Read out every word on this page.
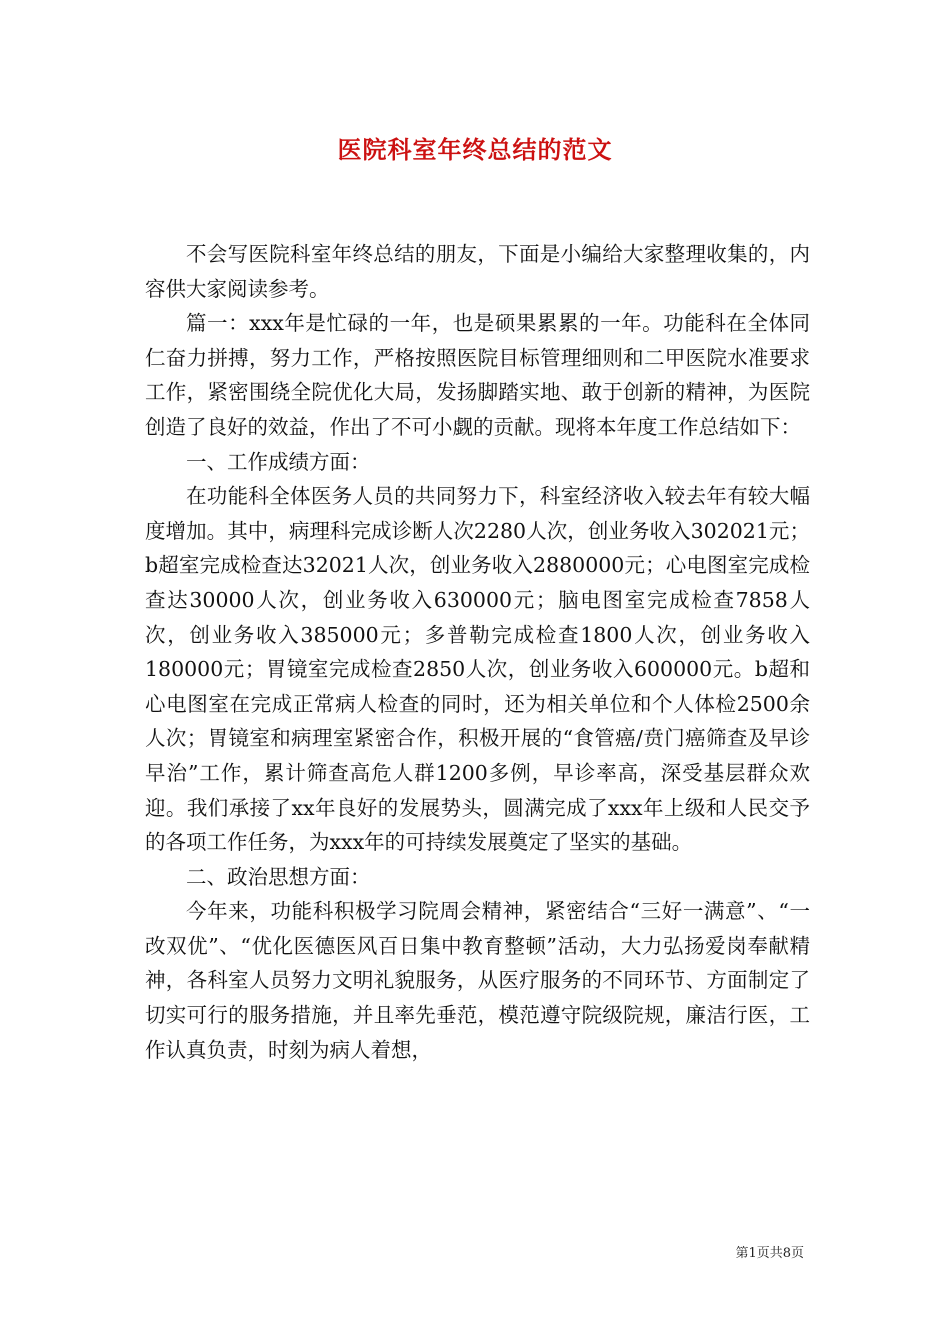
医院科室年终总结的范文

不会写医院科室年终总结的朋友，下面是小编给大家整理收集的，内容供大家阅读参考。

篇一：xxx年是忙碌的一年，也是硕果累累的一年。功能科在全体同仁奋力拼搏，努力工作，严格按照医院目标管理细则和二甲医院水准要求工作，紧密围绕全院优化大局，发扬脚踏实地、敢于创新的精神，为医院创造了良好的效益，作出了不可小觑的贡献。现将本年度工作总结如下：

一、工作成绩方面：

在功能科全体医务人员的共同努力下，科室经济收入较去年有较大幅度增加。其中，病理科完成诊断人次2280人次，创业务收入302021元；b超室完成检查达32021人次，创业务收入2880000元；心电图室完成检查达30000人次，创业务收入630000元；脑电图室完成检查7858人次，创业务收入385000元；多普勒完成检查1800人次，创业务收入180000元；胃镜室完成检查2850人次，创业务收入600000元。b超和心电图室在完成正常病人检查的同时，还为相关单位和个人体检2500余人次；胃镜室和病理室紧密合作，积极开展的“食管癌/贲门癌筛查及早诊早治”工作，累计筛查高危人群1200多例，早诊率高，深受基层群众欢迎。我们承接了xx年良好的发展势头，圆满完成了xxx年上级和人民交予的各项工作任务，为xxx年的可持续发展奠定了坚实的基础。

二、政治思想方面：

今年来，功能科积极学习院周会精神，紧密结合“三好一满意”、“一改双优”、“优化医德医风百日集中教育整顿”活动，大力弘扬爱岗奉献精神，各科室人员努力文明礼貌服务，从医疗服务的不同环节、方面制定了切实可行的服务措施，并且率先垂范，模范遵守院级院规，廉洁行医，工作认真负责，时刻为病人着想，

第1页共8页
